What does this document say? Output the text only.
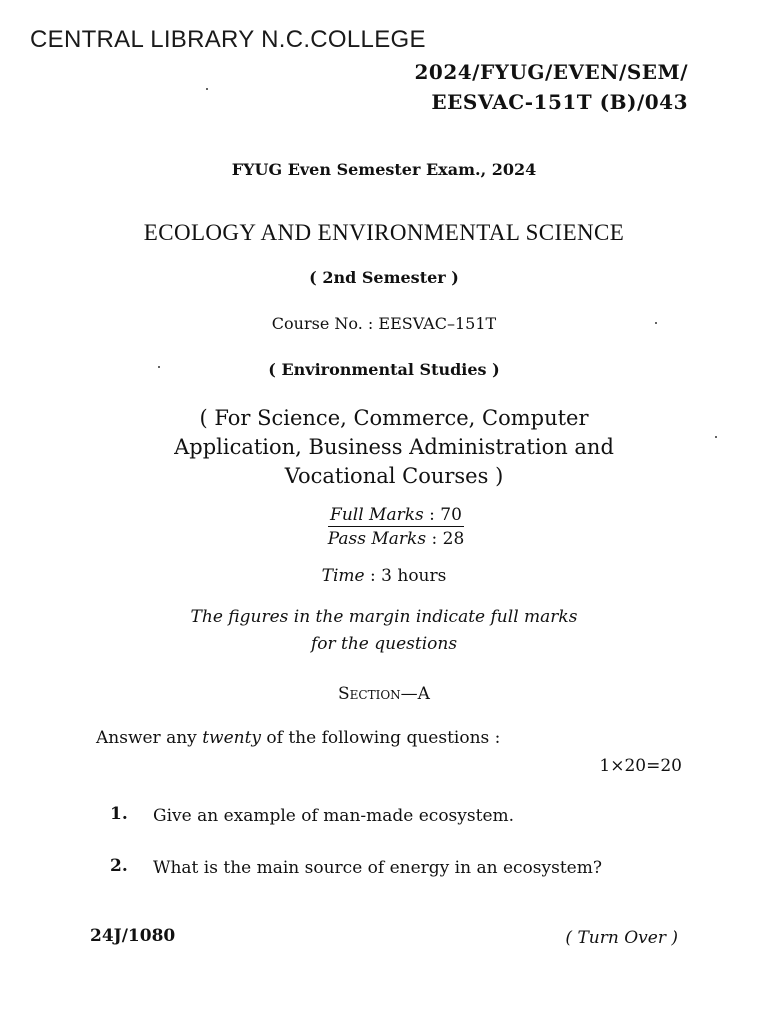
CENTRAL LIBRARY N.C.COLLEGE
2024/FYUG/EVEN/SEM/
EESVAC-151T (B)/043
FYUG Even Semester Exam., 2024
ECOLOGY AND ENVIRONMENTAL SCIENCE
( 2nd Semester )
Course No. : EESVAC–151T
( Environmental Studies )
( For Science, Commerce, Computer
Application, Business Administration and
Vocational Courses )
Full Marks : 70
Pass Marks : 28
Time : 3 hours
The figures in the margin indicate full marks
for the questions
Section—A
Answer any twenty of the following questions :
1×20=20
1. Give an example of man-made ecosystem.
2. What is the main source of energy in an ecosystem?
24J/1080	( Turn Over )
